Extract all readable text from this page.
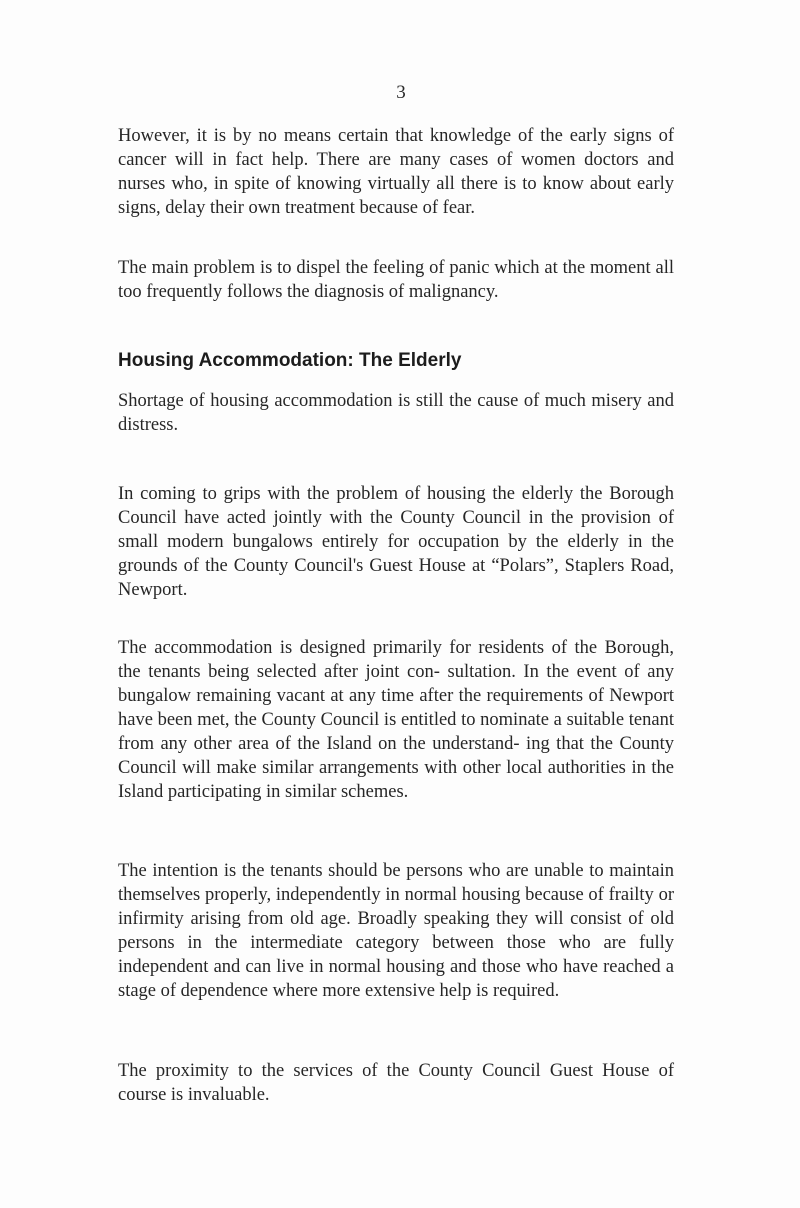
3

However, it is by no means certain that knowledge of the early signs of cancer will in fact help. There are many cases of women doctors and nurses who, in spite of knowing virtually all there is to know about early signs, delay their own treatment because of fear.

The main problem is to dispel the feeling of panic which at the moment all too frequently follows the diagnosis of malignancy.

Housing Accommodation: The Elderly

Shortage of housing accommodation is still the cause of much misery and distress.

In coming to grips with the problem of housing the elderly the Borough Council have acted jointly with the County Council in the provision of small modern bungalows entirely for occupation by the elderly in the grounds of the County Council's Guest House at “Polars”, Staplers Road, Newport.

The accommodation is designed primarily for residents of the Borough, the tenants being selected after joint con- sultation. In the event of any bungalow remaining vacant at any time after the requirements of Newport have been met, the County Council is entitled to nominate a suitable tenant from any other area of the Island on the understand- ing that the County Council will make similar arrangements with other local authorities in the Island participating in similar schemes.

The intention is the tenants should be persons who are unable to maintain themselves properly, independently in normal housing because of frailty or infirmity arising from old age. Broadly speaking they will consist of old persons in the intermediate category between those who are fully independent and can live in normal housing and those who have reached a stage of dependence where more extensive help is required.

The proximity to the services of the County Council Guest House of course is invaluable.
